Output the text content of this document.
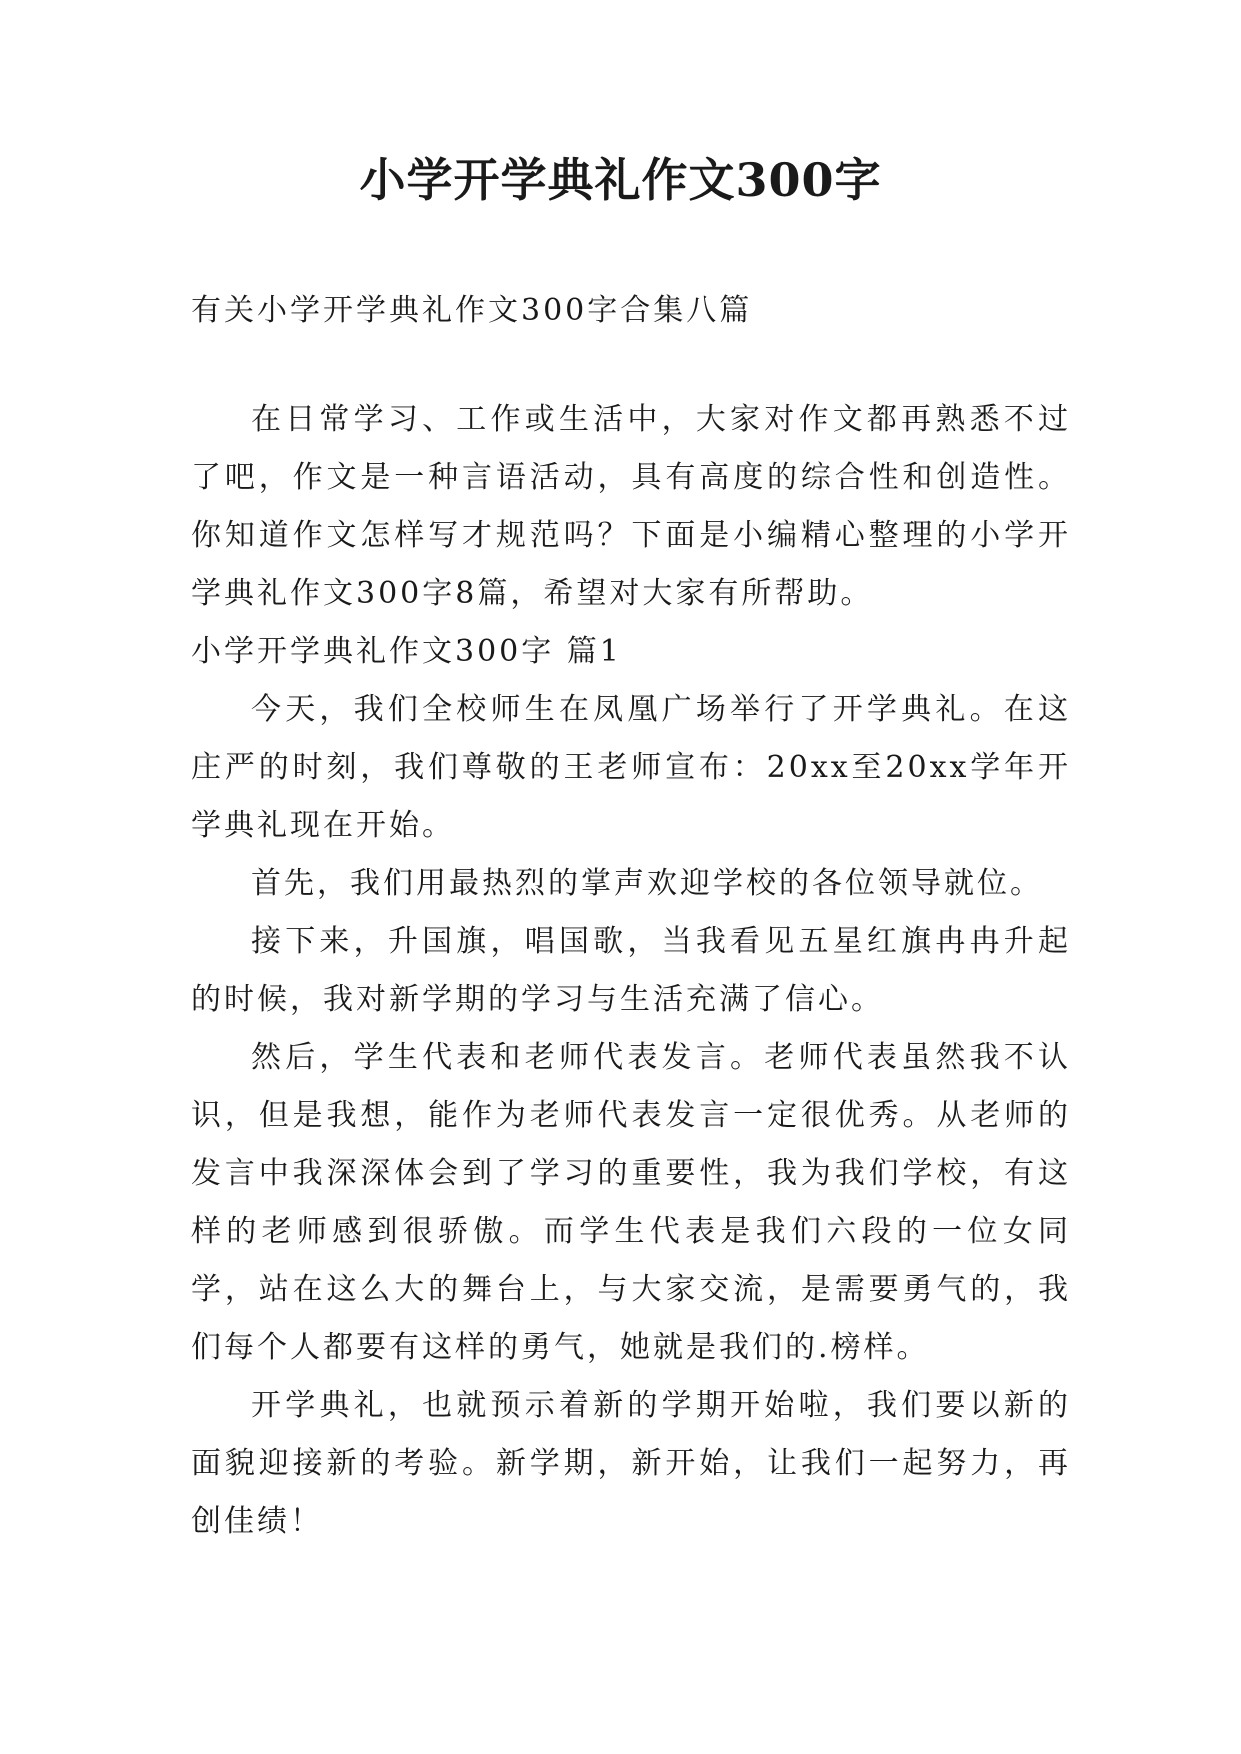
小学开学典礼作文300字

有关小学开学典礼作文300字合集八篇

在日常学习、工作或生活中，大家对作文都再熟悉不过了吧，作文是一种言语活动，具有高度的综合性和创造性。你知道作文怎样写才规范吗？下面是小编精心整理的小学开学典礼作文300字8篇，希望对大家有所帮助。

小学开学典礼作文300字 篇1

今天，我们全校师生在凤凰广场举行了开学典礼。在这庄严的时刻，我们尊敬的王老师宣布：20xx至20xx学年开学典礼现在开始。

首先，我们用最热烈的掌声欢迎学校的各位领导就位。

接下来，升国旗，唱国歌，当我看见五星红旗冉冉升起的时候，我对新学期的学习与生活充满了信心。

然后，学生代表和老师代表发言。老师代表虽然我不认识，但是我想，能作为老师代表发言一定很优秀。从老师的发言中我深深体会到了学习的重要性，我为我们学校，有这样的老师感到很骄傲。而学生代表是我们六段的一位女同学，站在这么大的舞台上，与大家交流，是需要勇气的，我们每个人都要有这样的勇气，她就是我们的.榜样。

开学典礼，也就预示着新的学期开始啦，我们要以新的面貌迎接新的考验。新学期，新开始，让我们一起努力，再创佳绩！
